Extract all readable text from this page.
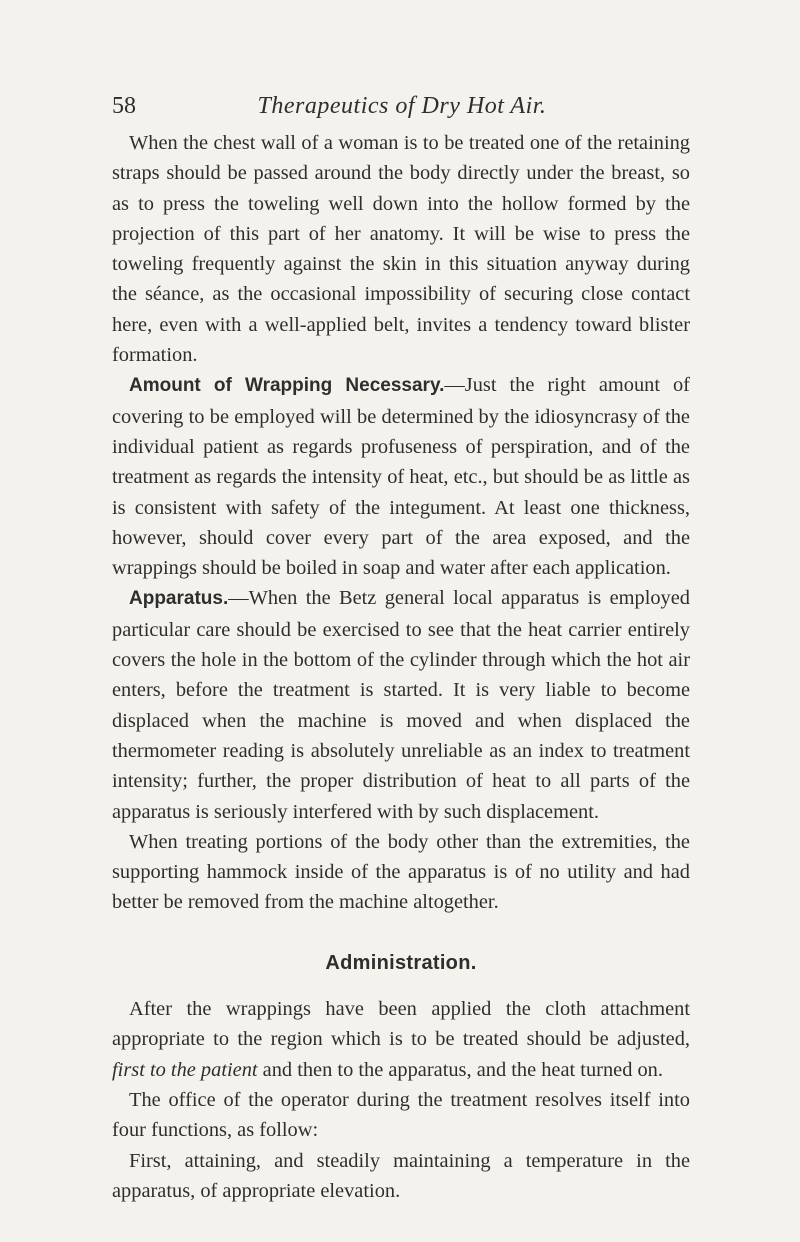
58	Therapeutics of Dry Hot Air.

When the chest wall of a woman is to be treated one of the retaining straps should be passed around the body directly under the breast, so as to press the toweling well down into the hollow formed by the projection of this part of her anatomy. It will be wise to press the toweling frequently against the skin in this situation anyway during the séance, as the occasional impossibility of securing close contact here, even with a well-applied belt, invites a tendency toward blister formation.

Amount of Wrapping Necessary.—Just the right amount of covering to be employed will be determined by the idiosyncrasy of the individual patient as regards profuseness of perspiration, and of the treatment as regards the intensity of heat, etc., but should be as little as is consistent with safety of the integument. At least one thickness, however, should cover every part of the area exposed, and the wrappings should be boiled in soap and water after each application.

Apparatus.—When the Betz general local apparatus is employed particular care should be exercised to see that the heat carrier entirely covers the hole in the bottom of the cylinder through which the hot air enters, before the treatment is started. It is very liable to become displaced when the machine is moved and when displaced the thermometer reading is absolutely unreliable as an index to treatment intensity; further, the proper distribution of heat to all parts of the apparatus is seriously interfered with by such displacement.

When treating portions of the body other than the extremities, the supporting hammock inside of the apparatus is of no utility and had better be removed from the machine altogether.

Administration.

After the wrappings have been applied the cloth attachment appropriate to the region which is to be treated should be adjusted, first to the patient and then to the apparatus, and the heat turned on.

The office of the operator during the treatment resolves itself into four functions, as follow:

First, attaining, and steadily maintaining a temperature in the apparatus, of appropriate elevation.
